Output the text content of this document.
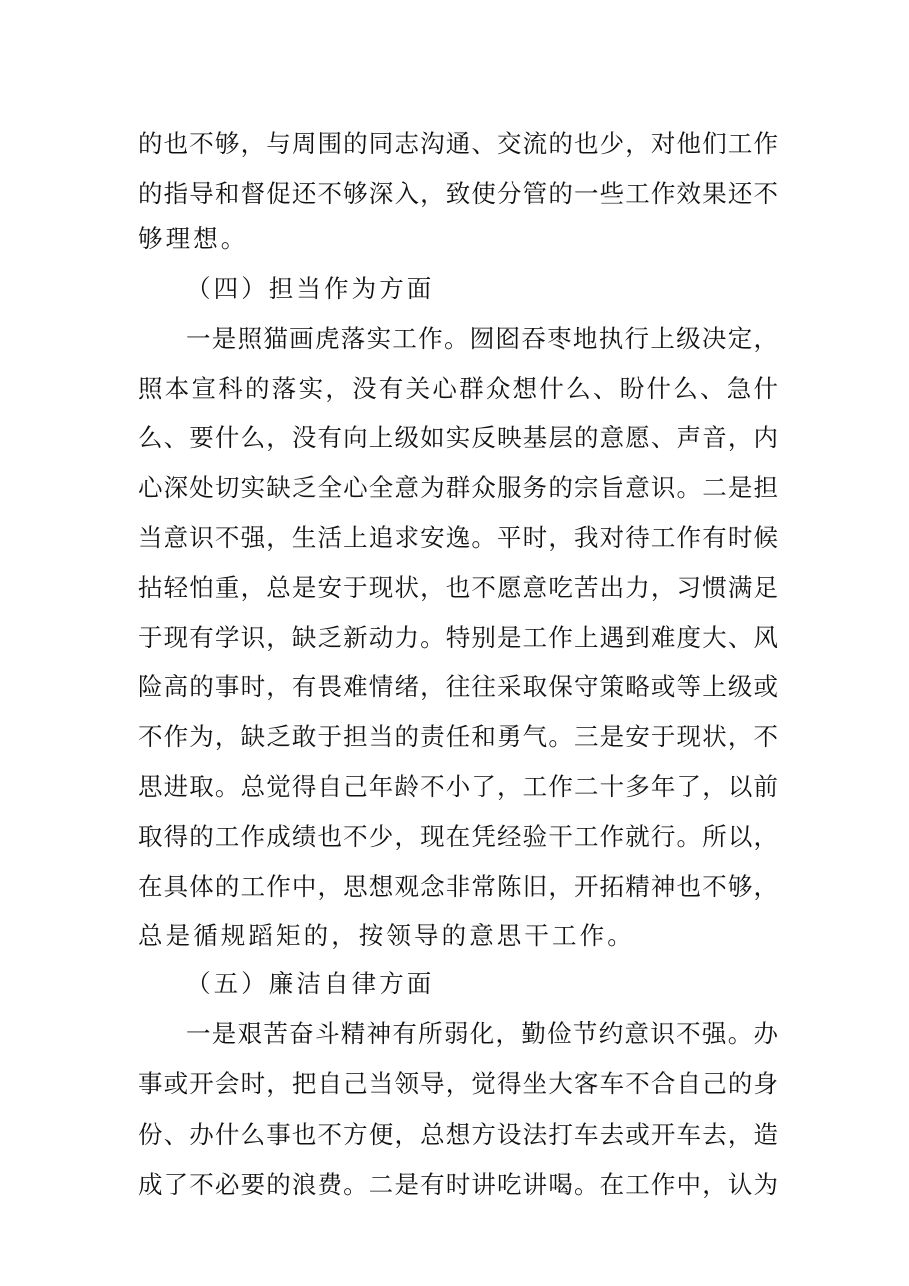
的也不够，与周围的同志沟通、交流的也少，对他们工作
的指导和督促还不够深入，致使分管的一些工作效果还不
够理想。
（四）担当作为方面
一是照猫画虎落实工作。囫囵吞枣地执行上级决定，
照本宣科的落实，没有关心群众想什么、盼什么、急什
么、要什么，没有向上级如实反映基层的意愿、声音，内
心深处切实缺乏全心全意为群众服务的宗旨意识。二是担
当意识不强，生活上追求安逸。平时，我对待工作有时候
拈轻怕重，总是安于现状，也不愿意吃苦出力，习惯满足
于现有学识，缺乏新动力。特别是工作上遇到难度大、风
险高的事时，有畏难情绪，往往采取保守策略或等上级或
不作为，缺乏敢于担当的责任和勇气。三是安于现状，不
思进取。总觉得自己年龄不小了，工作二十多年了，以前
取得的工作成绩也不少，现在凭经验干工作就行。所以，
在具体的工作中，思想观念非常陈旧，开拓精神也不够，
总是循规蹈矩的，按领导的意思干工作。
（五）廉洁自律方面
一是艰苦奋斗精神有所弱化，勤俭节约意识不强。办
事或开会时，把自己当领导，觉得坐大客车不合自己的身
份、办什么事也不方便，总想方设法打车去或开车去，造
成了不必要的浪费。二是有时讲吃讲喝。在工作中，认为
